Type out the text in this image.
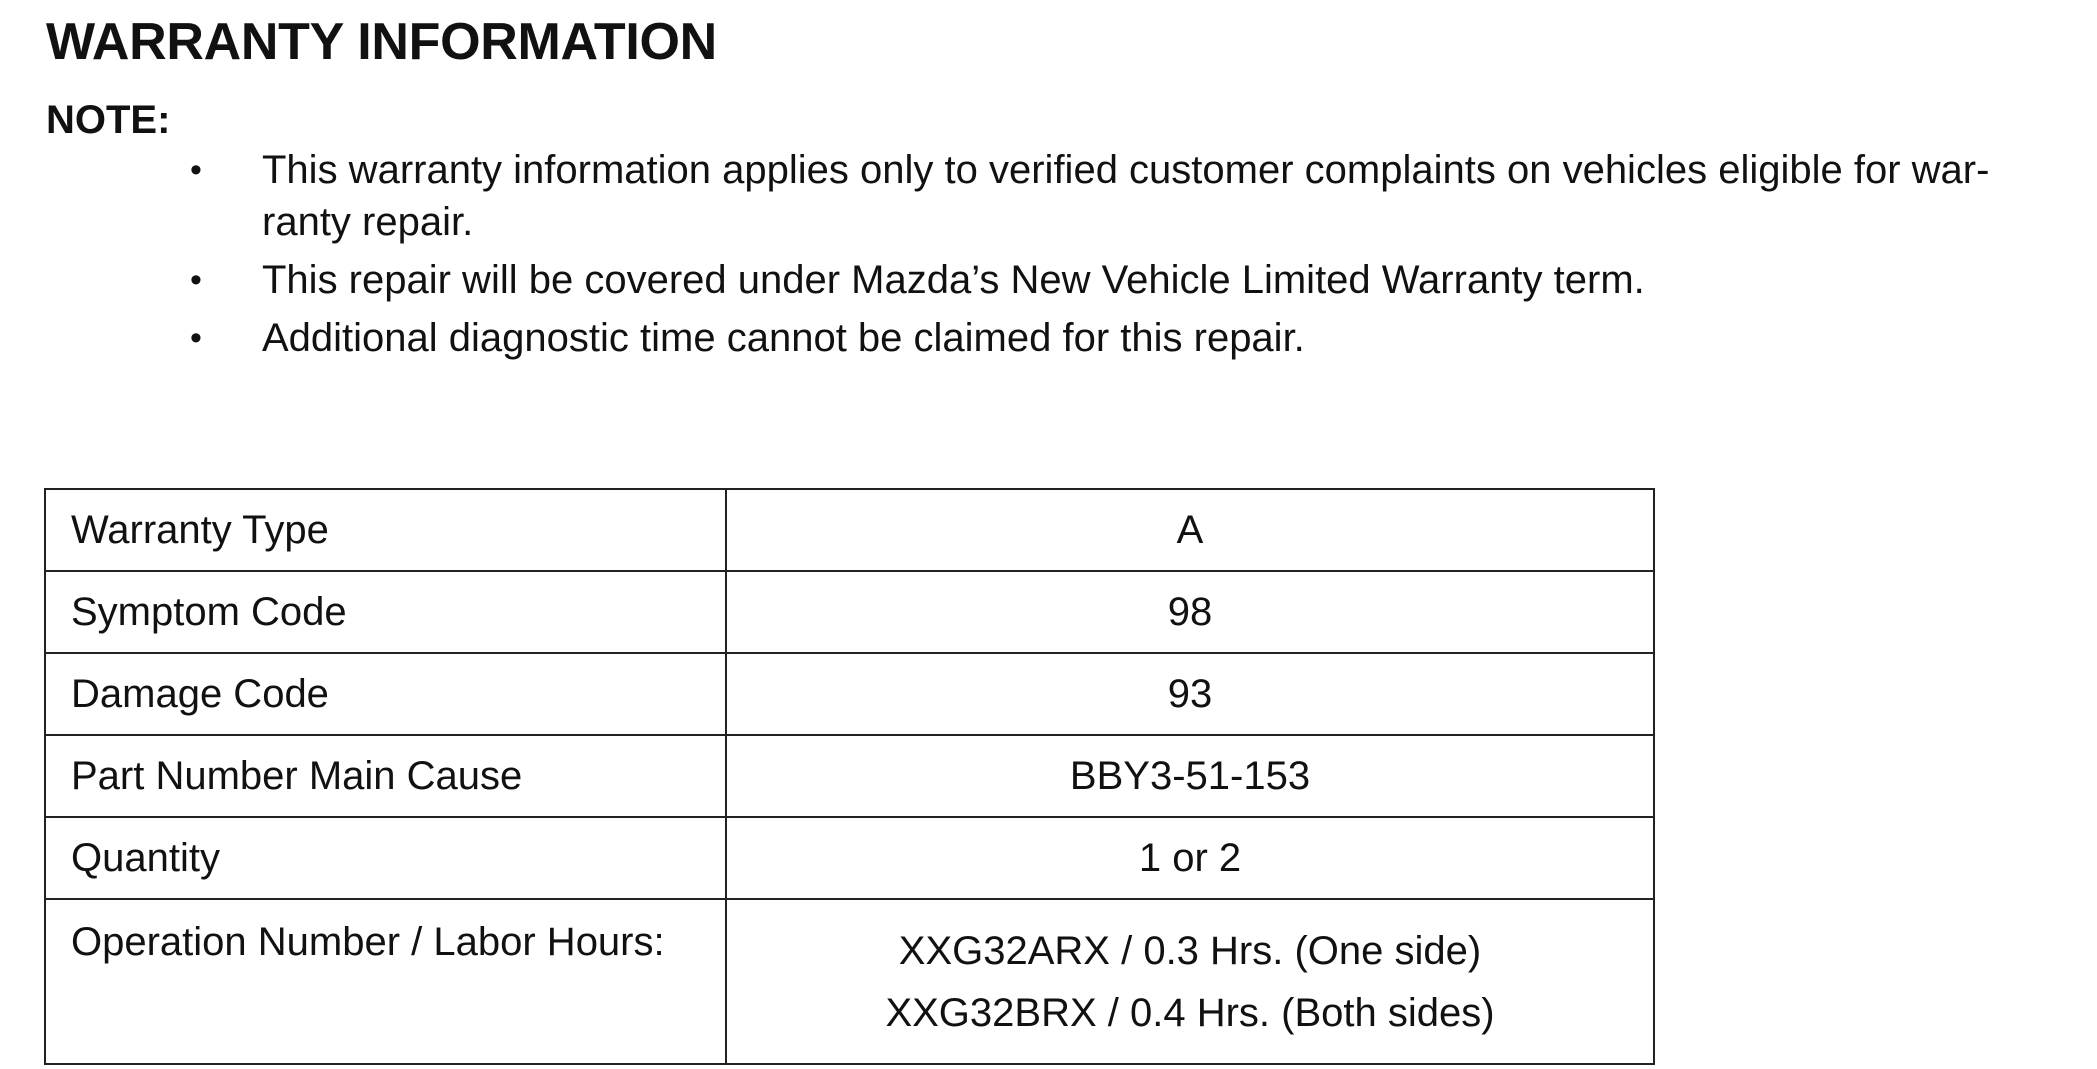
WARRANTY INFORMATION
NOTE:
• This warranty information applies only to verified customer complaints on vehicles eligible for war-
ranty repair.
• This repair will be covered under Mazda’s New Vehicle Limited Warranty term.
• Additional diagnostic time cannot be claimed for this repair.
Warranty Type	A
Symptom Code	98
Damage Code	93
Part Number Main Cause	BBY3-51-153
Quantity	1 or 2
Operation Number / Labor Hours:	XXG32ARX / 0.3 Hrs. (One side)
XXG32BRX / 0.4 Hrs. (Both sides)
